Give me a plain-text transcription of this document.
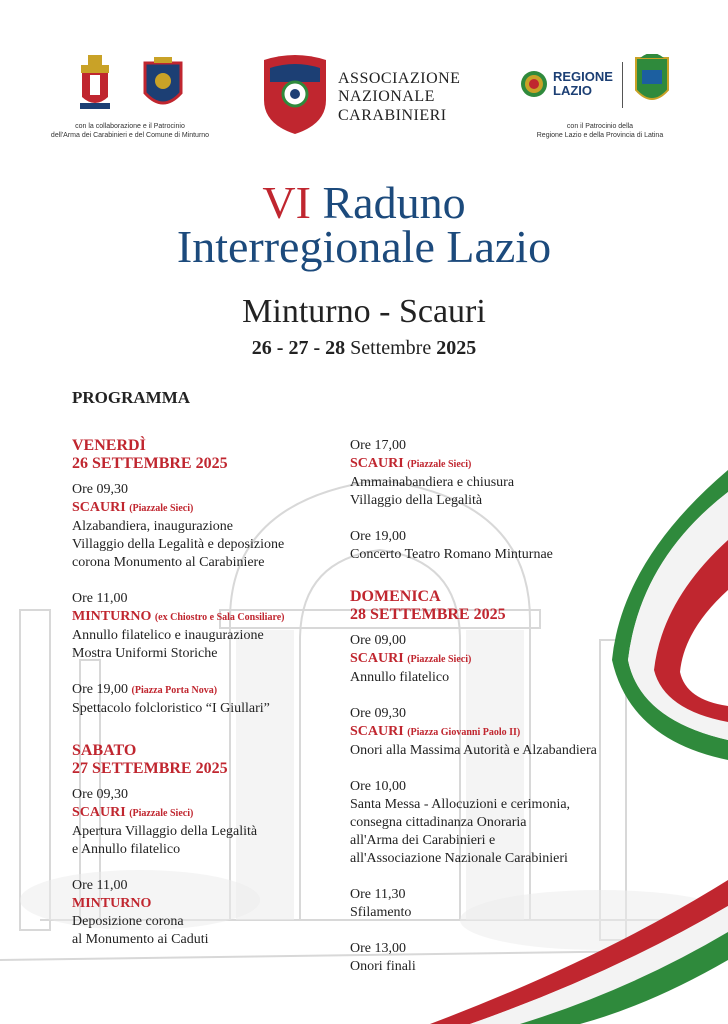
con la collaborazione e il Patrocinio
dell'Arma dei Carabinieri e del Comune di Minturno
ASSOCIAZIONE
NAZIONALE
CARABINIERI
REGIONE
LAZIO
con il Patrocinio della
Regione Lazio e della Provincia di Latina
VI Raduno
Interregionale Lazio
Minturno - Scauri
26 - 27 - 28 Settembre 2025
PROGRAMMA
VENERDÌ
26 SETTEMBRE 2025
Ore 09,30
SCAURI (Piazzale Sieci)
Alzabandiera, inaugurazione
Villaggio della Legalità e deposizione
corona Monumento al Carabiniere
Ore 11,00
MINTURNO (ex Chiostro e Sala Consiliare)
Annullo filatelico e inaugurazione
Mostra Uniformi Storiche
Ore 19,00 (Piazza Porta Nova)
Spettacolo folcloristico “I Giullari”
SABATO
27 SETTEMBRE 2025
Ore 09,30
SCAURI (Piazzale Sieci)
Apertura Villaggio della Legalità
e Annullo filatelico
Ore 11,00
MINTURNO
Deposizione corona
al Monumento ai Caduti
Ore 17,00
SCAURI (Piazzale Sieci)
Ammainabandiera e chiusura
Villaggio della Legalità
Ore 19,00
Concerto Teatro Romano Minturnae
DOMENICA
28 SETTEMBRE 2025
Ore 09,00
SCAURI (Piazzale Sieci)
Annullo filatelico
Ore 09,30
SCAURI (Piazza Giovanni Paolo II)
Onori alla Massima Autorità e Alzabandiera
Ore 10,00
Santa Messa - Allocuzioni e cerimonia,
consegna cittadinanza Onoraria
all'Arma dei Carabinieri e
all'Associazione Nazionale Carabinieri
Ore 11,30
Sfilamento
Ore 13,00
Onori finali
